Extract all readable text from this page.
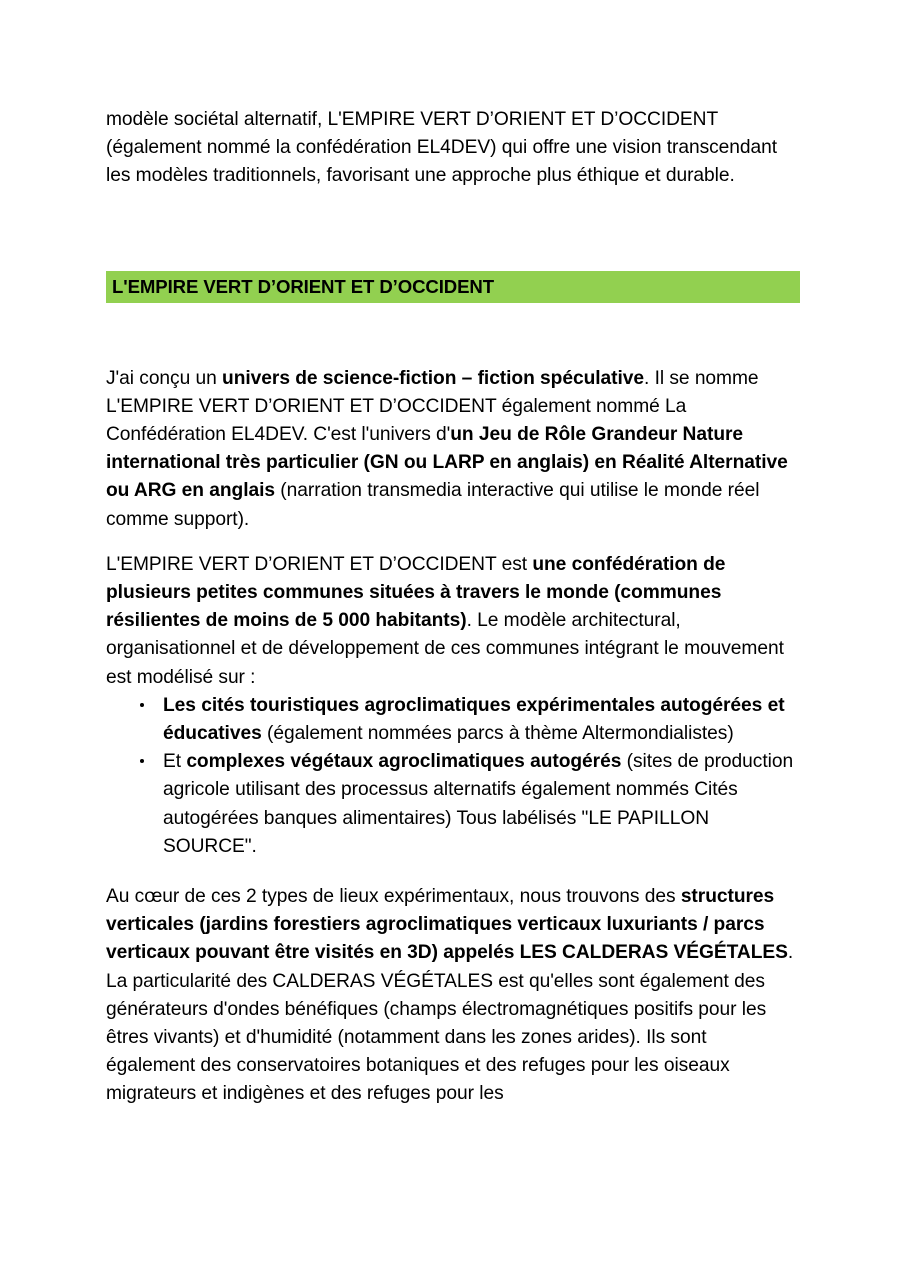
modèle sociétal alternatif, L'EMPIRE VERT D’ORIENT ET D’OCCIDENT (également nommé la confédération EL4DEV) qui offre une vision transcendant les modèles traditionnels, favorisant une approche plus éthique et durable.

L'EMPIRE VERT D’ORIENT ET D’OCCIDENT

J'ai conçu un univers de science-fiction – fiction spéculative. Il se nomme L'EMPIRE VERT D’ORIENT ET D’OCCIDENT également nommé La Confédération EL4DEV. C'est l'univers d'un Jeu de Rôle Grandeur Nature international très particulier (GN ou LARP en anglais) en Réalité Alternative ou ARG en anglais (narration transmedia interactive qui utilise le monde réel comme support).

L'EMPIRE VERT D’ORIENT ET D’OCCIDENT est une confédération de plusieurs petites communes situées à travers le monde (communes résilientes de moins de 5 000 habitants). Le modèle architectural, organisationnel et de développement de ces communes intégrant le mouvement est modélisé sur :

Les cités touristiques agroclimatiques expérimentales autogérées et éducatives (également nommées parcs à thème Altermondialistes)
Et complexes végétaux agroclimatiques autogérés (sites de production agricole utilisant des processus alternatifs également nommés Cités autogérées banques alimentaires) Tous labélisés "LE PAPILLON SOURCE".

Au cœur de ces 2 types de lieux expérimentaux, nous trouvons des structures verticales (jardins forestiers agroclimatiques verticaux luxuriants / parcs verticaux pouvant être visités en 3D) appelés LES CALDERAS VÉGÉTALES. La particularité des CALDERAS VÉGÉTALES est qu'elles sont également des générateurs d'ondes bénéfiques (champs électromagnétiques positifs pour les êtres vivants) et d'humidité (notamment dans les zones arides). Ils sont également des conservatoires botaniques et des refuges pour les oiseaux migrateurs et indigènes et des refuges pour les
